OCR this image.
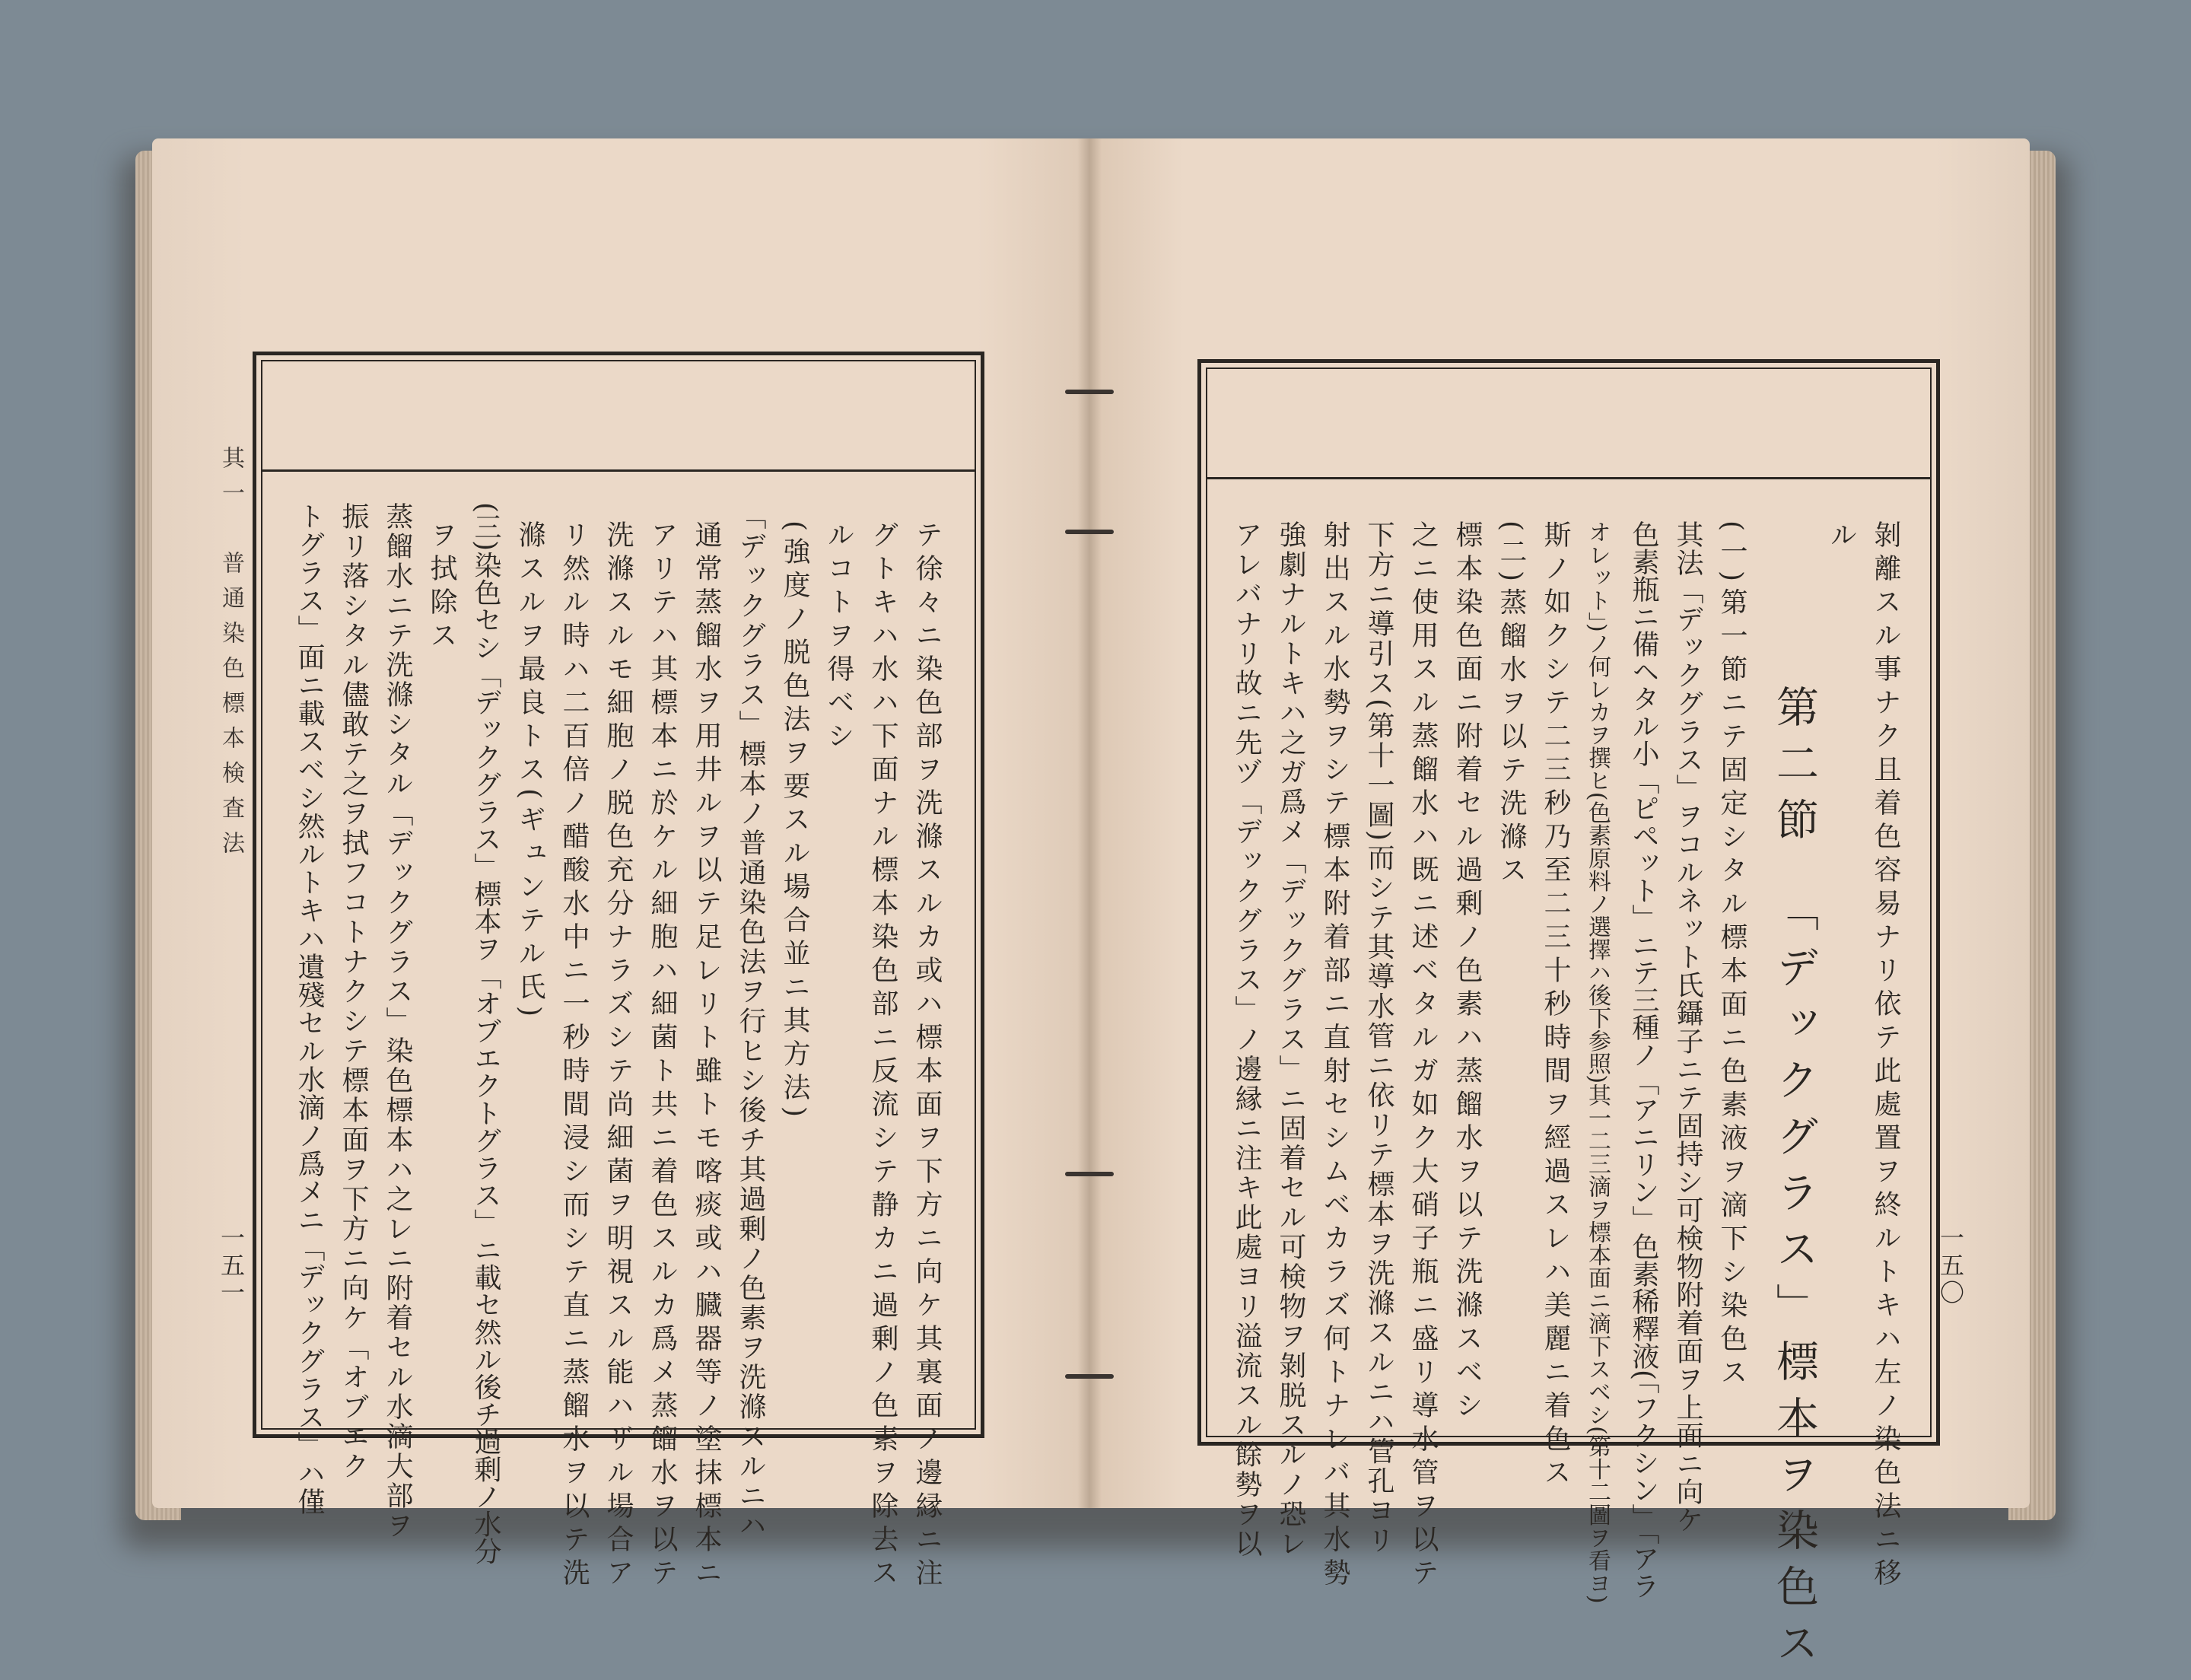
其一　普通染色標本検査法
一五一	テ徐々ニ染色部ヲ洗滌スルカ或ハ標本面ヲ下方ニ向ケ其裏面ノ邊縁ニ注
グトキハ水ハ下面ナル標本染色部ニ反流シテ静カニ過剰ノ色素ヲ除去ス
ルコトヲ得ベシ
(強度ノ脱色法ヲ要スル場合並ニ其方法)
「デックグラス」標本ノ普通染色法ヲ行ヒシ後チ其過剰ノ色素ヲ洗滌スルニハ
通常蒸餾水ヲ用井ルヲ以テ足レリト雖トモ喀痰或ハ臓器等ノ塗抹標本ニ
アリテハ其標本ニ於ケル細胞ハ細菌ト共ニ着色スルカ爲メ蒸餾水ヲ以テ
洗滌スルモ細胞ノ脱色充分ナラズシテ尚細菌ヲ明視スル能ハザル場合ア
リ然ル時ハ二百倍ノ醋酸水中ニ一秒時間浸シ而シテ直ニ蒸餾水ヲ以テ洗
滌スルヲ最良トス(ギュンテル氏)
(三)染色セシ「デックグラス」標本ヲ「オブエクトグラス」ニ載セ然ル後チ過剰ノ水分
ヲ拭除ス
蒸餾水ニテ洗滌シタル「デックグラス」染色標本ハ之レニ附着セル水滴大部ヲ
振リ落シタル儘敢テ之ヲ拭フコトナクシテ標本面ヲ下方ニ向ケ「オブエク
トグラス」面ニ載スベシ然ルトキハ遺殘セル水滴ノ爲メニ「デックグラス」ハ僅	一五〇
剝離スル事ナク且着色容易ナリ依テ此處置ヲ終ルトキハ左ノ染色法ニ移
ル
第二節　「デックグラス」標本ヲ染色ス
(一)第一節ニテ固定シタル標本面ニ色素液ヲ滴下シ染色ス
其法「デックグラス」ヲコルネット氏鑷子ニテ固持シ可検物附着面ヲ上面ニ向ケ
色素瓶ニ備ヘタル小「ピペット」ニテ三種ノ「アニリン」色素稀釋液(「フクシン」「アラ
オレット」)ノ何レカヲ撰ヒ(色素原料ノ選擇ハ後下参照)其一二三滴ヲ標本面ニ滴下スベシ(第十二圖ヲ看ヨ)
斯ノ如クシテ二三秒乃至二三十秒時間ヲ經過スレハ美麗ニ着色ス
(二)蒸餾水ヲ以テ洗滌ス
標本染色面ニ附着セル過剰ノ色素ハ蒸餾水ヲ以テ洗滌スベシ
之ニ使用スル蒸餾水ハ既ニ述ベタルガ如ク大硝子瓶ニ盛リ導水管ヲ以テ
下方ニ導引ス(第十一圖)而シテ其導水管ニ依リテ標本ヲ洗滌スルニハ管孔ヨリ
射出スル水勢ヲシテ標本附着部ニ直射セシムベカラズ何トナレバ其水勢
強劇ナルトキハ之ガ爲メ「デックグラス」ニ固着セル可検物ヲ剝脱スルノ恐レ
アレバナリ故ニ先ヅ「デックグラス」ノ邊縁ニ注キ此處ヨリ溢流スル餘勢ヲ以
